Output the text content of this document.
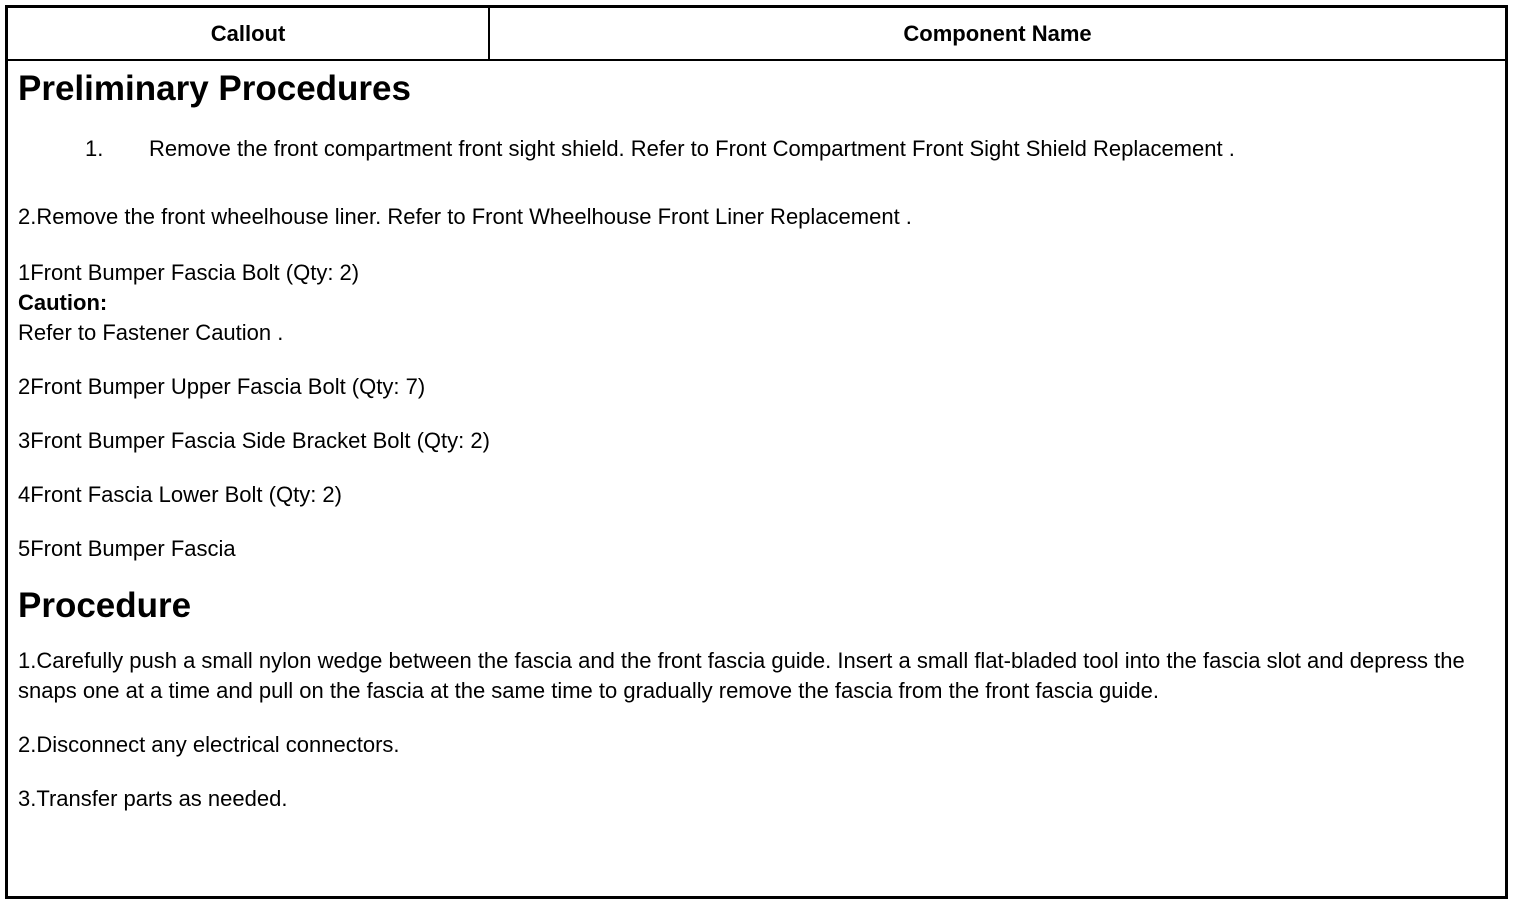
Callout	Component Name
Preliminary Procedures
1.	Remove the front compartment front sight shield. Refer to Front Compartment Front Sight Shield Replacement .

2.Remove the front wheelhouse liner. Refer to Front Wheelhouse Front Liner Replacement .

1Front Bumper Fascia Bolt (Qty: 2)

Caution:

Refer to Fastener Caution .

2Front Bumper Upper Fascia Bolt (Qty: 7)

3Front Bumper Fascia Side Bracket Bolt (Qty: 2)

4Front Fascia Lower Bolt (Qty: 2)

5Front Bumper Fascia

Procedure

1.Carefully push a small nylon wedge between the fascia and the front fascia guide. Insert a small flat-bladed tool into the fascia slot and depress the snaps one at a time and pull on the fascia at the same time to gradually remove the fascia from the front fascia guide.

2.Disconnect any electrical connectors.

3.Transfer parts as needed.
